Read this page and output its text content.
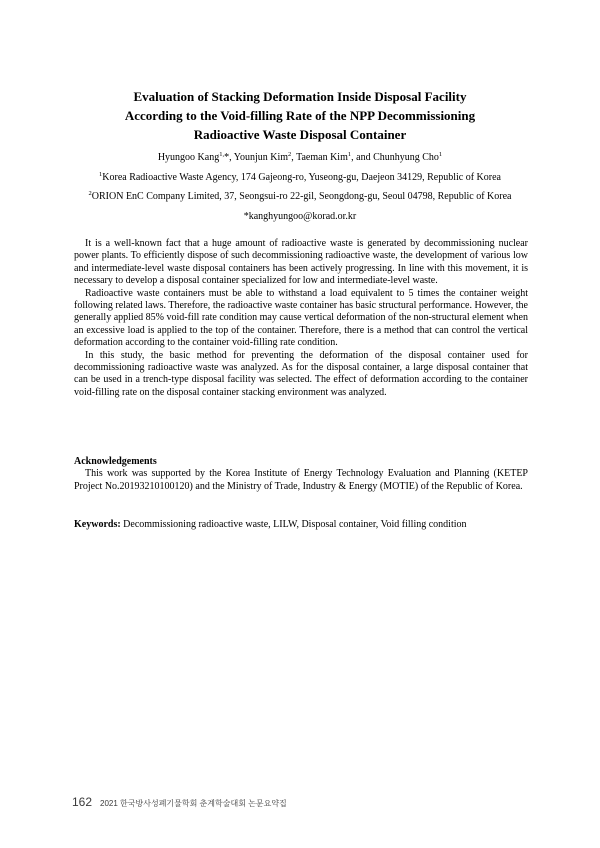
Evaluation of Stacking Deformation Inside Disposal Facility
According to the Void-filling Rate of the NPP Decommissioning
Radioactive Waste Disposal Container
Hyungoo Kang$^{1,}$*, Younjun Kim$^2$, Taeman Kim$^1$, and Chunhyung Cho$^1$
$^1$Korea Radioactive Waste Agency, 174 Gajeong-ro, Yuseong-gu, Daejeon 34129, Republic of Korea
$^2$ORION EnC Company Limited, 37, Seongsui-ro 22-gil, Seongdong-gu, Seoul 04798, Republic of Korea
*kanghyungoo@korad.or.kr

It is a well-known fact that a huge amount of radioactive waste is generated by decommissioning nuclear power plants. To efficiently dispose of such decommissioning radioactive waste, the development of various low and intermediate-level waste disposal containers has been actively progressing. In line with this movement, it is necessary to develop a disposal container specialized for low and intermediate-level waste.

Radioactive waste containers must be able to withstand a load equivalent to 5 times the container weight following related laws. Therefore, the radioactive waste container has basic structural performance. However, the generally applied 85% void-fill rate condition may cause vertical deformation of the non-structural element when an excessive load is applied to the top of the container. Therefore, there is a method that can control the vertical deformation according to the container void-filling rate condition.

In this study, the basic method for preventing the deformation of the disposal container used for decommissioning radioactive waste was analyzed. As for the disposal container, a large disposal container that can be used in a trench-type disposal facility was selected. The effect of deformation according to the container void-filling rate on the disposal container stacking environment was analyzed.

Acknowledgements

This work was supported by the Korea Institute of Energy Technology Evaluation and Planning (KETEP Project No.20193210100120) and the Ministry of Trade, Industry & Energy (MOTIE) of the Republic of Korea.

Keywords: Decommissioning radioactive waste, LILW, Disposal container, Void filling condition
162 2021 한국방사성폐기물학회 춘계학술대회 논문요약집
